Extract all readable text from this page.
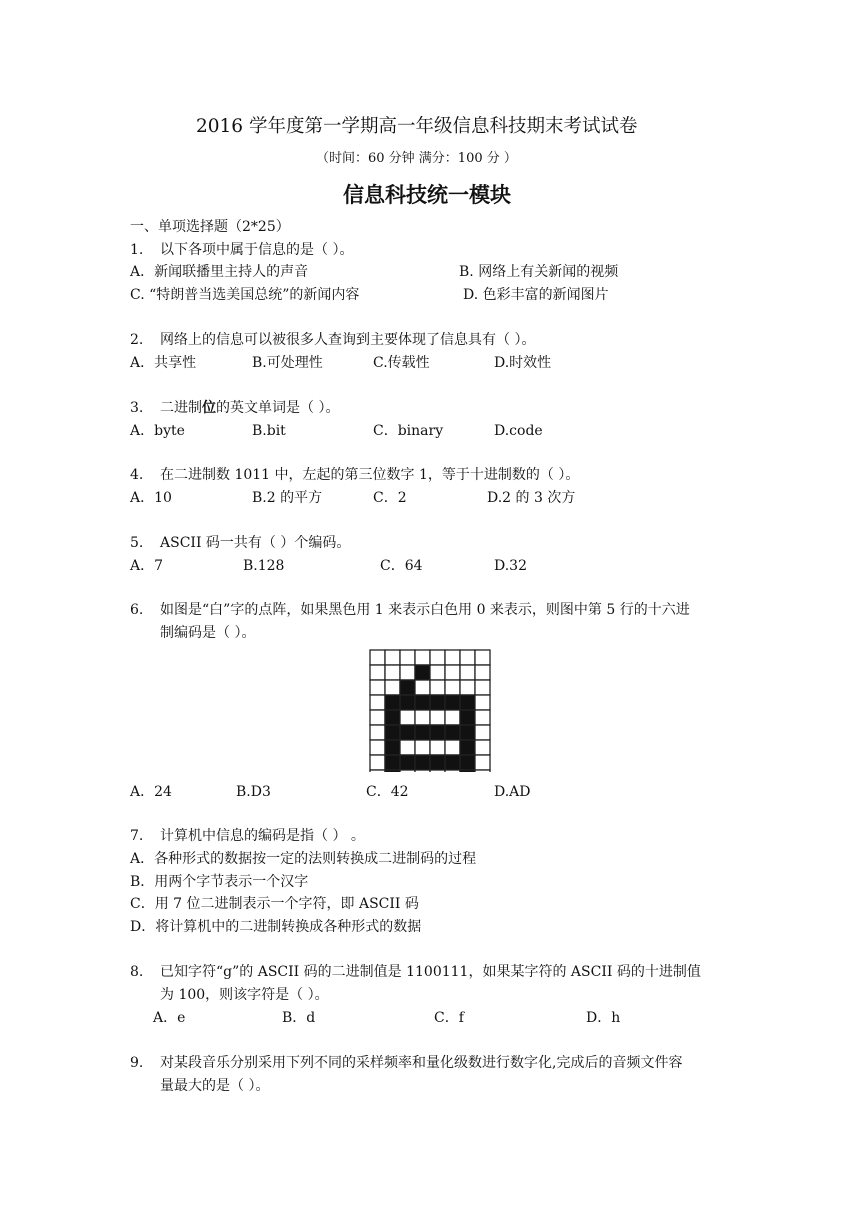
2016 学年度第一学期高一年级信息科技期末考试试卷
（时间：60 分钟 满分：100 分 ）
信息科技统一模块
一、单项选择题（2*25）
1. 以下各项中属于信息的是（ ）。
A．新闻联播里主持人的声音	B. 网络上有关新闻的视频
C. “特朗普当选美国总统”的新闻内容	D. 色彩丰富的新闻图片
2. 网络上的信息可以被很多人查询到主要体现了信息具有（ ）。
A．共享性	B.可处理性	C.传载性	D.时效性
3. 二进制位的英文单词是（ ）。
A．byte	B.bit	C．binary	D.code
4. 在二进制数 1011 中，左起的第三位数字 1，等于十进制数的（ ）。
A．10	B.2 的平方	C．2	D.2 的 3 次方
5. ASCII 码一共有（ ）个编码。
A．7	B.128	C．64	D.32
6. 如图是“白”字的点阵，如果黑色用 1 来表示白色用 0 来表示，则图中第 5 行的十六进
制编码是（ ）。
A．24	B.D3	C．42	D.AD
7. 计算机中信息的编码是指（ ） 。
A．各种形式的数据按一定的法则转换成二进制码的过程
B．用两个字节表示一个汉字
C．用 7 位二进制表示一个字符，即 ASCII 码
D．将计算机中的二进制转换成各种形式的数据
8. 已知字符“g”的 ASCII 码的二进制值是 1100111，如果某字符的 ASCII 码的十进制值
为 100，则该字符是（ ）。
A．e	B．d	C．f	D．h
9. 对某段音乐分别采用下列不同的采样频率和量化级数进行数字化,完成后的音频文件容
量最大的是（ ）。
